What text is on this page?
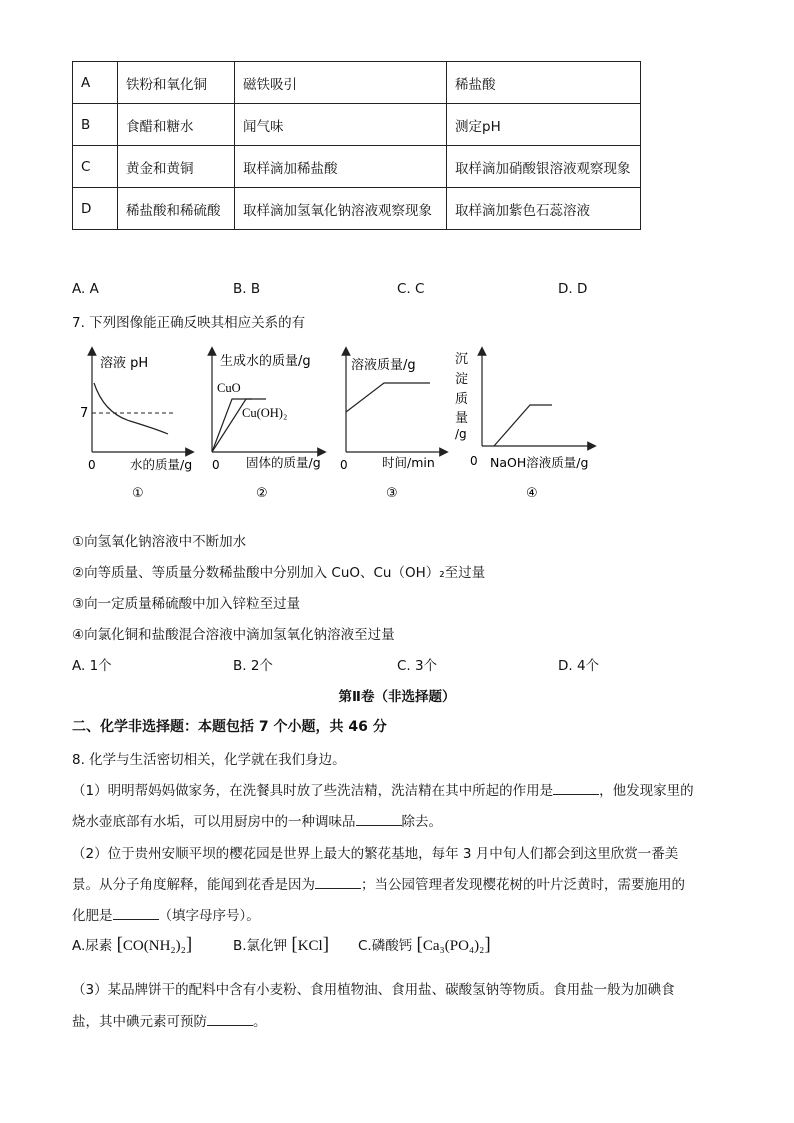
A	铁粉和氧化铜	磁铁吸引	稀盐酸
B	食醋和糖水	闻气味	测定pH
C	黄金和黄铜	取样滴加稀盐酸	取样滴加硝酸银溶液观察现象
D	稀盐酸和稀硫酸	取样滴加氢氧化钠溶液观察现象	取样滴加紫色石蕊溶液
A. A	B. B	C. C	D. D
7. 下列图像能正确反映其相应关系的有
溶液 pH
7
0	水的质量/g
①
生成水的质量/g
CuO
Cu(OH)₂
0 固体的质量/g
②
溶液质量/g
0	时间/min
③
沉
淀
质
量
/g
0 NaOH溶液质量/g
④
①向氢氧化钠溶液中不断加水
②向等质量、等质量分数稀盐酸中分别加入 CuO、Cu（OH）₂至过量
③向一定质量稀硫酸中加入锌粒至过量
④向氯化铜和盐酸混合溶液中滴加氢氧化钠溶液至过量
A. 1个	B. 2个	C. 3个	D. 4个
第Ⅱ卷（非选择题）
二、化学非选择题：本题包括 7 个小题，共 46 分
8. 化学与生活密切相关，化学就在我们身边。
（1）明明帮妈妈做家务，在洗餐具时放了些洗洁精，洗洁精在其中所起的作用是	，他发现家里的
烧水壶底部有水垢，可以用厨房中的一种调味品	除去。
（2）位于贵州安顺平坝的樱花园是世界上最大的繁花基地，每年 3 月中旬人们都会到这里欣赏一番美
景。从分子角度解释，能闻到花香是因为	；当公园管理者发现樱花树的叶片泛黄时，需要施用的
化肥是	（填字母序号）。
A.尿素 [CO(NH₂)₂]	B.氯化钾 [KCl] C.磷酸钙 [Ca₃(PO₄)₂]
（3）某品牌饼干的配料中含有小麦粉、食用植物油、食用盐、碳酸氢钠等物质。食用盐一般为加碘食
盐，其中碘元素可预防	。
